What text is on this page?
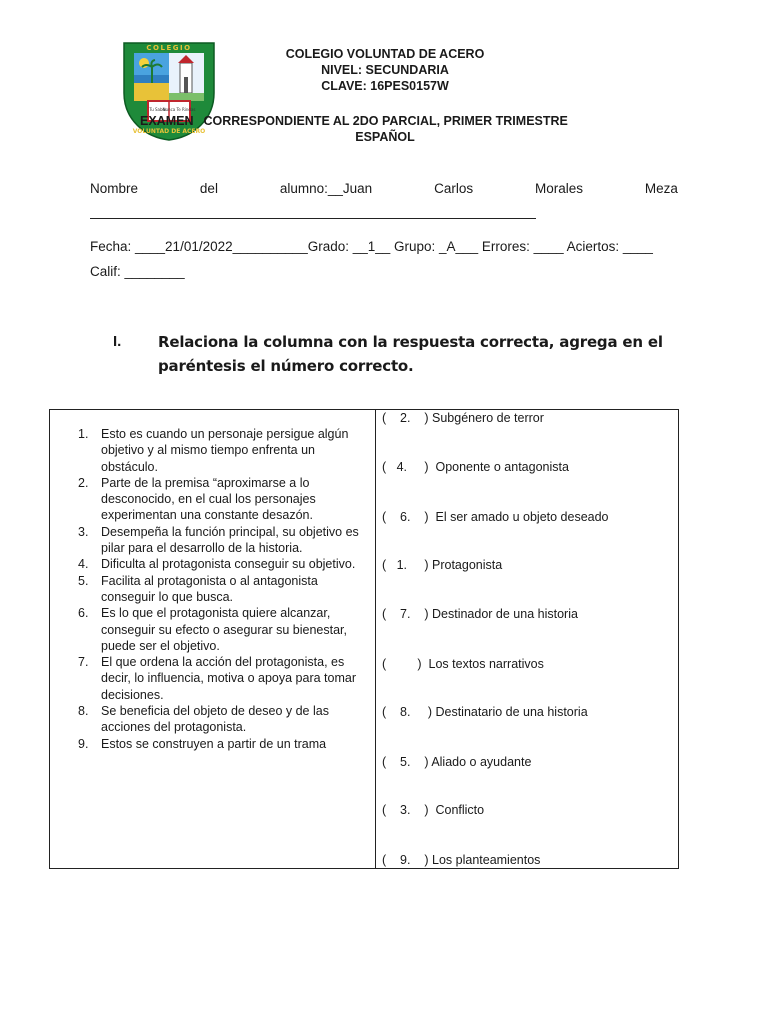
Tu Saber
Nunca Te Rindas
COLEGIO
VOLUNTAD DE ACERO
COLEGIO VOLUNTAD DE ACERO
NIVEL: SECUNDARIA
CLAVE: 16PES0157W
EXAMEN CORRESPONDIENTE AL 2DO PARCIAL, PRIMER TRIMESTRE
ESPAÑOL
Nombre	del	alumno:__Juan	Carlos	Morales	Meza
Fecha: ____21/01/2022__________Grado: __1__ Grupo: _A___ Errores: ____ Aciertos: ____
Calif: ________
I. Relaciona la columna con la respuesta correcta, agrega en el paréntesis el número correcto.
1.	Esto es cuando un personaje persigue algún objetivo y al mismo tiempo enfrenta un obstáculo.
2.	Parte de la premisa “aproximarse a lo desconocido, en el cual los personajes experimentan una constante desazón.
3.	Desempeña la función principal, su objetivo es pilar para el desarrollo de la historia.
4.	Dificulta al protagonista conseguir su objetivo.
5.	Facilita al protagonista o al antagonista conseguir lo que busca.
6.	Es lo que el protagonista quiere alcanzar, conseguir su efecto o asegurar su bienestar, puede ser el objetivo.
7.	El que ordena la acción del protagonista, es decir, lo influencia, motiva o apoya para tomar decisiones.
8.	Se beneficia del objeto de deseo y de las acciones del protagonista.
9.	Estos se construyen a partir de un trama
(    2.    ) Subgénero de terror
(   4.     )  Oponente o antagonista
(    6.    )  El ser amado u objeto deseado
(   1.     ) Protagonista
(    7.    ) Destinador de una historia
(         )  Los textos narrativos
(    8.     ) Destinatario de una historia
(    5.    ) Aliado o ayudante
(    3.    )  Conflicto
(    9.    ) Los planteamientos
